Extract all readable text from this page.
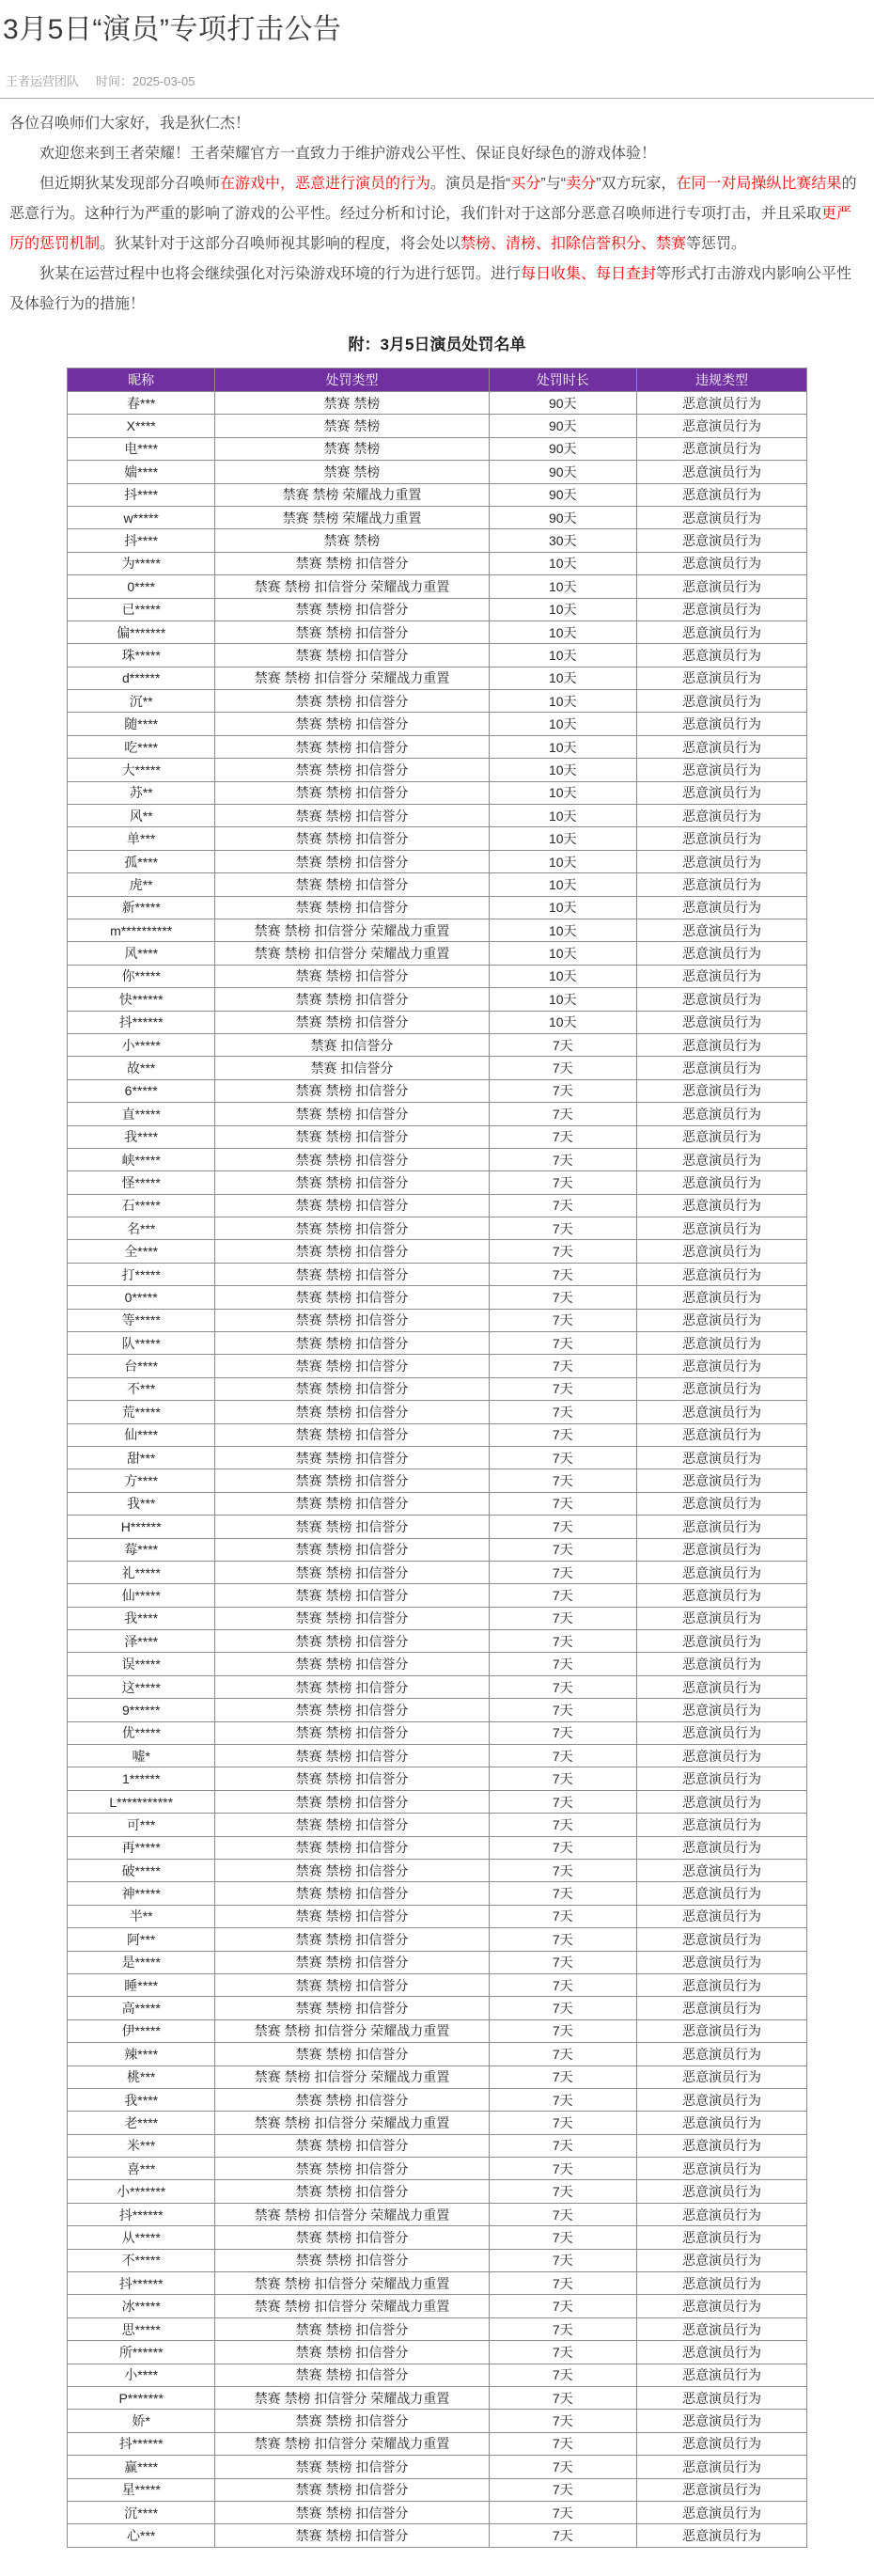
3月5日“演员”专项打击公告
王者运营团队 时间：2025-03-05

各位召唤师们大家好，我是狄仁杰！

欢迎您来到王者荣耀！王者荣耀官方一直致力于维护游戏公平性、保证良好绿色的游戏体验！

但近期狄某发现部分召唤师在游戏中，恶意进行演员的行为。演员是指“买分”与“卖分”双方玩家，在同一对局操纵比赛结果的恶意行为。这种行为严重的影响了游戏的公平性。经过分析和讨论，我们针对于这部分恶意召唤师进行专项打击，并且采取更严厉的惩罚机制。狄某针对于这部分召唤师视其影响的程度，将会处以禁榜、清榜、扣除信誉积分、禁赛等惩罚。

狄某在运营过程中也将会继续强化对污染游戏环境的行为进行惩罚。进行每日收集、每日查封等形式打击游戏内影响公平性及体验行为的措施！

附：3月5日演员处罚名单
昵称	处罚类型	处罚时长	违规类型
春***	禁赛 禁榜	90天	恶意演员行为
X****	禁赛 禁榜	90天	恶意演员行为
电****	禁赛 禁榜	90天	恶意演员行为
媏****	禁赛 禁榜	90天	恶意演员行为
抖****	禁赛 禁榜 荣耀战力重置	90天	恶意演员行为
w*****	禁赛 禁榜 荣耀战力重置	90天	恶意演员行为
抖****	禁赛 禁榜	30天	恶意演员行为
为*****	禁赛 禁榜 扣信誉分	10天	恶意演员行为
0****	禁赛 禁榜 扣信誉分 荣耀战力重置	10天	恶意演员行为
已*****	禁赛 禁榜 扣信誉分	10天	恶意演员行为
偏*******	禁赛 禁榜 扣信誉分	10天	恶意演员行为
珠*****	禁赛 禁榜 扣信誉分	10天	恶意演员行为
d******	禁赛 禁榜 扣信誉分 荣耀战力重置	10天	恶意演员行为
沉**	禁赛 禁榜 扣信誉分	10天	恶意演员行为
随****	禁赛 禁榜 扣信誉分	10天	恶意演员行为
吃****	禁赛 禁榜 扣信誉分	10天	恶意演员行为
大*****	禁赛 禁榜 扣信誉分	10天	恶意演员行为
苏**	禁赛 禁榜 扣信誉分	10天	恶意演员行为
风**	禁赛 禁榜 扣信誉分	10天	恶意演员行为
单***	禁赛 禁榜 扣信誉分	10天	恶意演员行为
孤****	禁赛 禁榜 扣信誉分	10天	恶意演员行为
虎**	禁赛 禁榜 扣信誉分	10天	恶意演员行为
新*****	禁赛 禁榜 扣信誉分	10天	恶意演员行为
m**********	禁赛 禁榜 扣信誉分 荣耀战力重置	10天	恶意演员行为
风****	禁赛 禁榜 扣信誉分 荣耀战力重置	10天	恶意演员行为
你*****	禁赛 禁榜 扣信誉分	10天	恶意演员行为
快******	禁赛 禁榜 扣信誉分	10天	恶意演员行为
抖******	禁赛 禁榜 扣信誉分	10天	恶意演员行为
小*****	禁赛 扣信誉分	7天	恶意演员行为
故***	禁赛 扣信誉分	7天	恶意演员行为
6*****	禁赛 禁榜 扣信誉分	7天	恶意演员行为
直*****	禁赛 禁榜 扣信誉分	7天	恶意演员行为
我****	禁赛 禁榜 扣信誉分	7天	恶意演员行为
峡*****	禁赛 禁榜 扣信誉分	7天	恶意演员行为
怪*****	禁赛 禁榜 扣信誉分	7天	恶意演员行为
石*****	禁赛 禁榜 扣信誉分	7天	恶意演员行为
名***	禁赛 禁榜 扣信誉分	7天	恶意演员行为
全****	禁赛 禁榜 扣信誉分	7天	恶意演员行为
打*****	禁赛 禁榜 扣信誉分	7天	恶意演员行为
0*****	禁赛 禁榜 扣信誉分	7天	恶意演员行为
等*****	禁赛 禁榜 扣信誉分	7天	恶意演员行为
队*****	禁赛 禁榜 扣信誉分	7天	恶意演员行为
台****	禁赛 禁榜 扣信誉分	7天	恶意演员行为
不***	禁赛 禁榜 扣信誉分	7天	恶意演员行为
荒*****	禁赛 禁榜 扣信誉分	7天	恶意演员行为
仙****	禁赛 禁榜 扣信誉分	7天	恶意演员行为
甜***	禁赛 禁榜 扣信誉分	7天	恶意演员行为
方****	禁赛 禁榜 扣信誉分	7天	恶意演员行为
我***	禁赛 禁榜 扣信誉分	7天	恶意演员行为
H******	禁赛 禁榜 扣信誉分	7天	恶意演员行为
莓****	禁赛 禁榜 扣信誉分	7天	恶意演员行为
礼*****	禁赛 禁榜 扣信誉分	7天	恶意演员行为
仙*****	禁赛 禁榜 扣信誉分	7天	恶意演员行为
我****	禁赛 禁榜 扣信誉分	7天	恶意演员行为
泽****	禁赛 禁榜 扣信誉分	7天	恶意演员行为
误*****	禁赛 禁榜 扣信誉分	7天	恶意演员行为
这*****	禁赛 禁榜 扣信誉分	7天	恶意演员行为
9******	禁赛 禁榜 扣信誉分	7天	恶意演员行为
优*****	禁赛 禁榜 扣信誉分	7天	恶意演员行为
嘘*	禁赛 禁榜 扣信誉分	7天	恶意演员行为
1******	禁赛 禁榜 扣信誉分	7天	恶意演员行为
L***********	禁赛 禁榜 扣信誉分	7天	恶意演员行为
可***	禁赛 禁榜 扣信誉分	7天	恶意演员行为
再*****	禁赛 禁榜 扣信誉分	7天	恶意演员行为
破*****	禁赛 禁榜 扣信誉分	7天	恶意演员行为
神*****	禁赛 禁榜 扣信誉分	7天	恶意演员行为
半**	禁赛 禁榜 扣信誉分	7天	恶意演员行为
阿***	禁赛 禁榜 扣信誉分	7天	恶意演员行为
是*****	禁赛 禁榜 扣信誉分	7天	恶意演员行为
睡****	禁赛 禁榜 扣信誉分	7天	恶意演员行为
高*****	禁赛 禁榜 扣信誉分	7天	恶意演员行为
伊*****	禁赛 禁榜 扣信誉分 荣耀战力重置	7天	恶意演员行为
辣****	禁赛 禁榜 扣信誉分	7天	恶意演员行为
桃***	禁赛 禁榜 扣信誉分 荣耀战力重置	7天	恶意演员行为
我****	禁赛 禁榜 扣信誉分	7天	恶意演员行为
老****	禁赛 禁榜 扣信誉分 荣耀战力重置	7天	恶意演员行为
米***	禁赛 禁榜 扣信誉分	7天	恶意演员行为
喜***	禁赛 禁榜 扣信誉分	7天	恶意演员行为
小*******	禁赛 禁榜 扣信誉分	7天	恶意演员行为
抖******	禁赛 禁榜 扣信誉分 荣耀战力重置	7天	恶意演员行为
从*****	禁赛 禁榜 扣信誉分	7天	恶意演员行为
不*****	禁赛 禁榜 扣信誉分	7天	恶意演员行为
抖******	禁赛 禁榜 扣信誉分 荣耀战力重置	7天	恶意演员行为
冰*****	禁赛 禁榜 扣信誉分 荣耀战力重置	7天	恶意演员行为
思*****	禁赛 禁榜 扣信誉分	7天	恶意演员行为
所******	禁赛 禁榜 扣信誉分	7天	恶意演员行为
小****	禁赛 禁榜 扣信誉分	7天	恶意演员行为
P*******	禁赛 禁榜 扣信誉分 荣耀战力重置	7天	恶意演员行为
娇*	禁赛 禁榜 扣信誉分	7天	恶意演员行为
抖******	禁赛 禁榜 扣信誉分 荣耀战力重置	7天	恶意演员行为
赢****	禁赛 禁榜 扣信誉分	7天	恶意演员行为
星*****	禁赛 禁榜 扣信誉分	7天	恶意演员行为
沉****	禁赛 禁榜 扣信誉分	7天	恶意演员行为
心***	禁赛 禁榜 扣信誉分	7天	恶意演员行为
